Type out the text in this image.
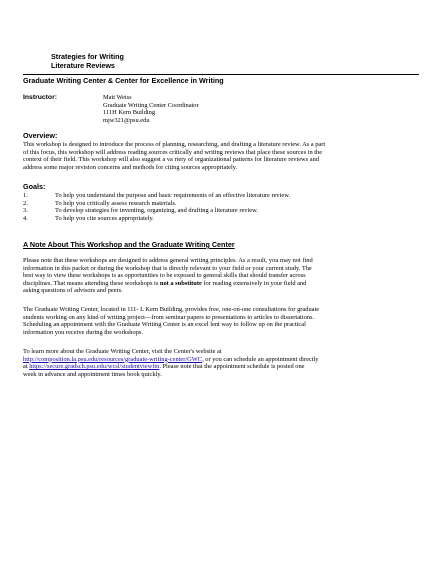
Strategies for Writing
Literature Reviews
Graduate Writing Center & Center for Excellence in Writing
Instructor:	Matt Weiss
Graduate Writing Center Coordinator
111H Kern Building
mjw321@psu.edu
Overview:
This workshop is designed to introduce the process of planning, researching, and drafting a literature review. As a part
of this focus, this workshop will address reading sources critically and writing reviews that place these sources in the
context of their field. This workshop will also suggest a va riety of organizational patterns for literature reviews and
address some major revision concerns and methods for citing sources appropriately.
Goals:
1.	To help you understand the purpose and basic requirements of an effective literature review.
2.	To help you critically assess research materials.
3.	To develop strategies for inventing, organizing, and drafting a literature review.
4.	To help you cite sources appropriately.
A Note About This Workshop and the Graduate Writing Center
Please note that these workshops are designed to address general writing principles. As a result, you may not find
information in this packet or during the workshop that is directly relevant to your field or your current study. The
best way to view these workshops is as opportunities to be exposed to general skills that should transfer across
disciplines. That means attending these workshops is not a substitute for reading extensively in your field and
asking questions of advisors and peers.
The Graduate Writing Center, located in 111- L Kern Building, provides free, one-on-one consultations for graduate
students working on any kind of writing project—from seminar papers to presentations to articles to dissertations.
Scheduling an appointment with the Graduate Writing Center is an excel lent way to follow up on the practical
information you receive during the workshops.
To learn more about the Graduate Writing Center, visit the Center's website at
http://composition.la.psu.edu/resources/graduate-writing-center/GWC, or you can schedule an appointment directly
at https://secure.gradsch.psu.edu/wcsl/studentviewfm. Please note that the appointment schedule is posted one
week in advance and appointment times book quickly.
